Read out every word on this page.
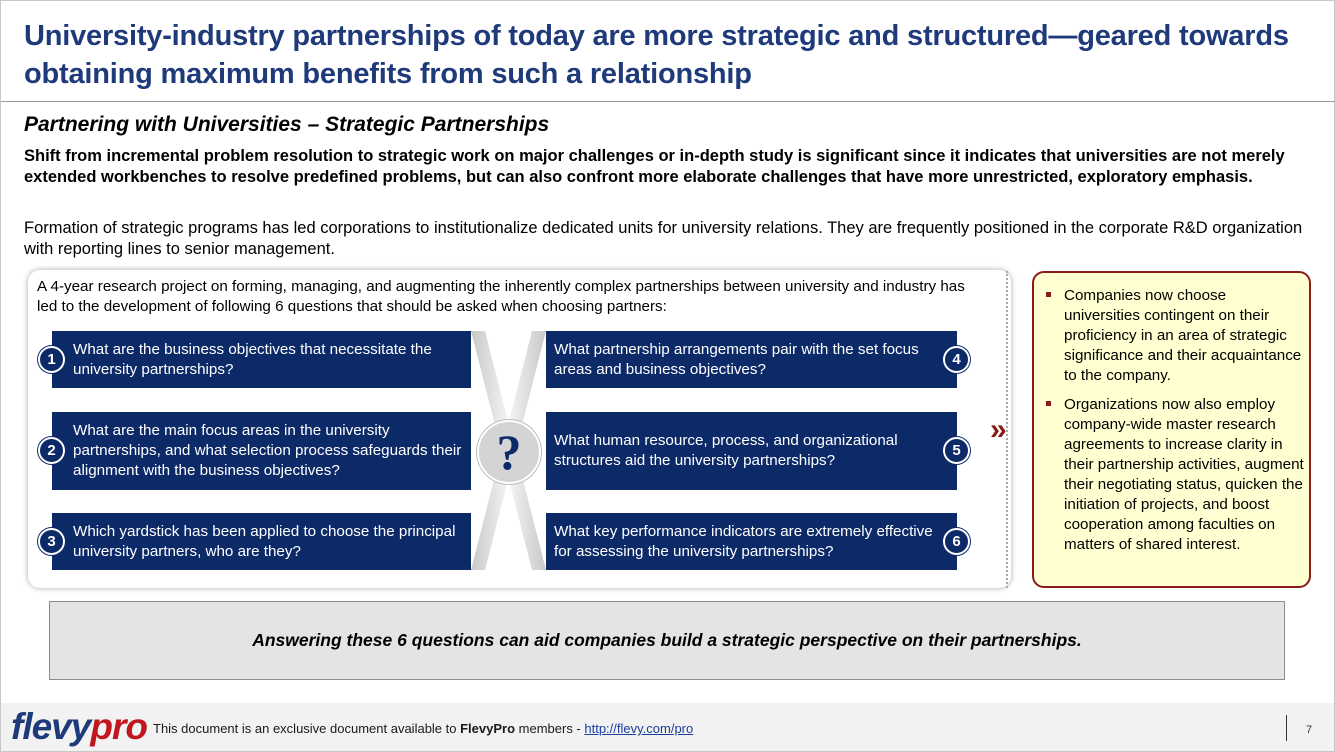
University-industry partnerships of today are more strategic and structured—geared towards obtaining maximum benefits from such a relationship
Partnering with Universities – Strategic Partnerships
Shift from incremental problem resolution to strategic work on major challenges or in-depth study is significant since it indicates that universities are not merely extended workbenches to resolve predefined problems, but can also confront more elaborate challenges that have more unrestricted, exploratory emphasis.
Formation of strategic programs has led corporations to institutionalize dedicated units for university relations. They are frequently positioned in the corporate R&D organization with reporting lines to senior management.
A 4-year research project on forming, managing, and augmenting the inherently complex partnerships between university and industry has led to the development of following 6 questions that should be asked when choosing partners:
?
What are the business objectives that necessitate the university partnerships?
1
What are the main focus areas in the university partnerships, and what selection process safeguards their alignment with the business objectives?
2
Which yardstick has been applied to choose the principal university partners, who are they?
3
What partnership arrangements pair with the set focus areas and business objectives?
4
What human resource, process, and organizational structures aid the university partnerships?
5
What key performance indicators are extremely effective for assessing the university partnerships?
6
»
Companies now choose universities contingent on their proficiency in an area of strategic significance and their acquaintance to the company.
Organizations now also employ company-wide master research agreements to increase clarity in their partnership activities, augment their negotiating status, quicken the initiation of projects, and boost cooperation among faculties on matters of shared interest.
Answering these 6 questions can aid companies build a strategic perspective on their partnerships.
flevypro This document is an exclusive document available to FlevyPro members - http://flevy.com/pro	7
